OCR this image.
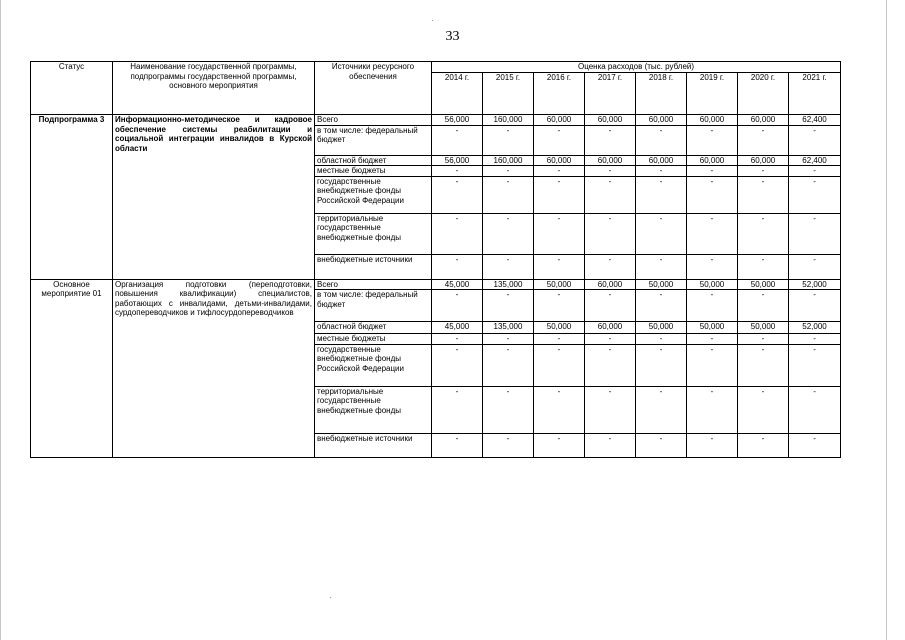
33
Статус	Наименование государственной программы, подпрограммы государственной программы, основного мероприятия	Источники ресурсного обеспечения	Оценка расходов (тыс. рублей)							
			2014 г.	2015 г.	2016 г.	2017 г.	2018 г.	2019 г.	2020 г.	2021 г.
Подпрограмма 3	Информационно-методическое и кадровое обеспечение системы реабилитации и социальной интеграции инвалидов в Курской области	Всего	56,000	160,000	60,000	60,000	60,000	60,000	60,000	62,400
		в том числе: федеральный бюджет	-	-	-	-	-	-	-	-
		областной бюджет	56,000	160,000	60,000	60,000	60,000	60,000	60,000	62,400
		местные бюджеты	-	-	-	-	-	-	-	-
		государственные внебюджетные фонды Российской Федерации	-	-	-	-	-	-	-	-
		территориальные государственные внебюджетные фонды	-	-	-	-	-	-	-	-
		внебюджетные источники	-	-	-	-	-	-	-	-
Основное мероприятие 01	Организация подготовки (переподготовки, повышения квалификации) специалистов, работающих с инвалидами, детьми-инвалидами, сурдопереводчиков и тифлосурдопереводчиков	Всего	45,000	135,000	50,000	60,000	50,000	50,000	50,000	52,000
		в том числе: федеральный бюджет	-	-	-	-	-	-	-	-
		областной бюджет	45,000	135,000	50,000	60,000	50,000	50,000	50,000	52,000
		местные бюджеты	-	-	-	-	-	-	-	-
		государственные внебюджетные фонды Российской Федерации	-	-	-	-	-	-	-	-
		территориальные государственные внебюджетные фонды	-	-	-	-	-	-	-	-
		внебюджетные источники	-	-	-	-	-	-	-	-
